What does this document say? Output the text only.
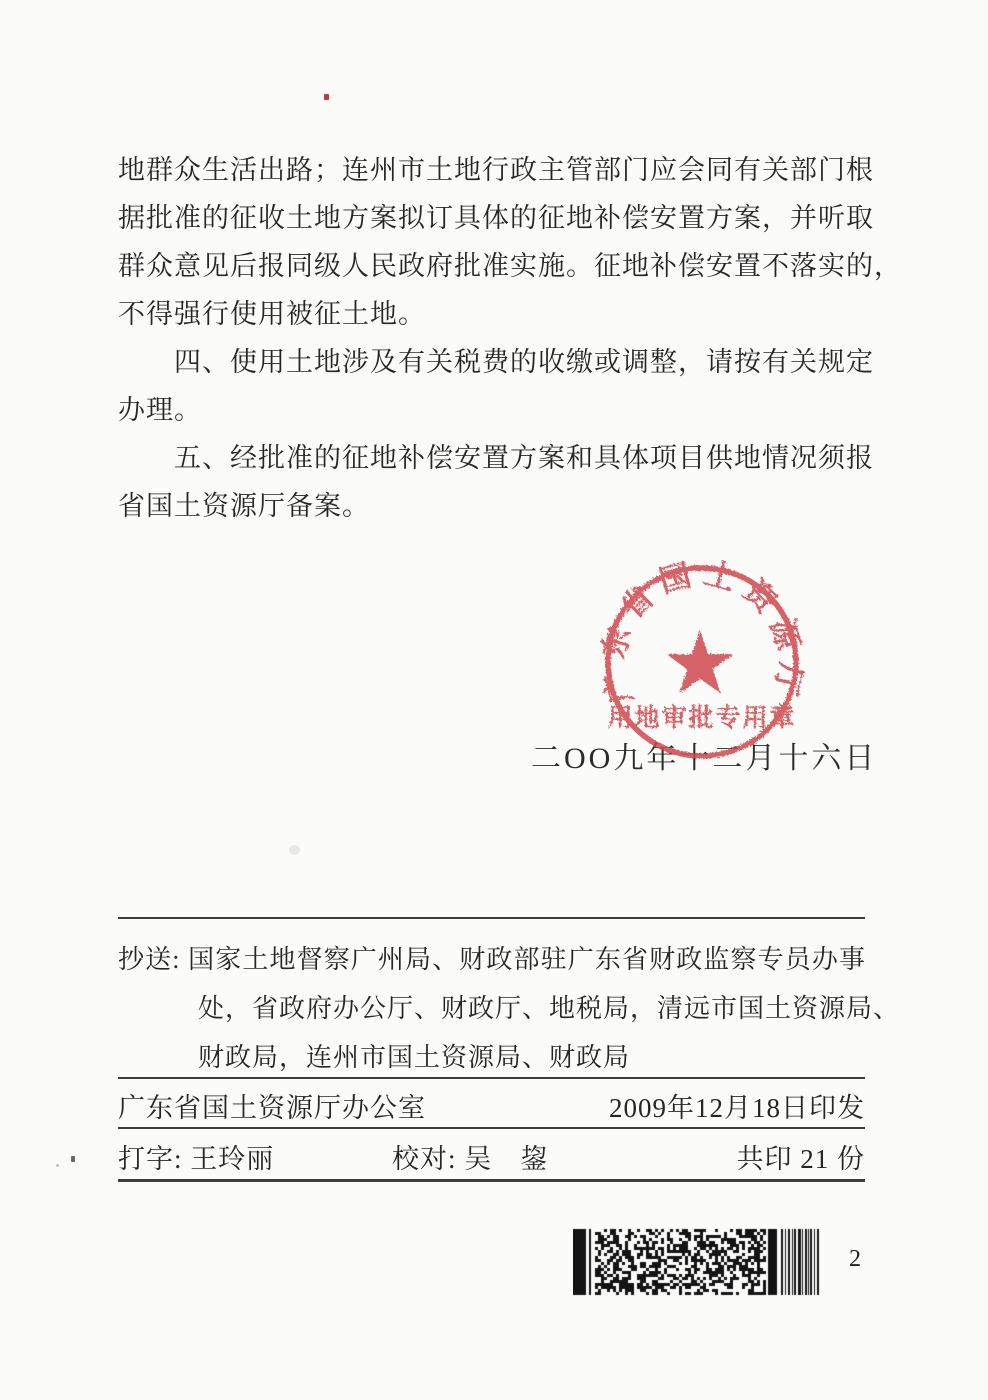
地群众生活出路；连州市土地行政主管部门应会同有关部门根
据批准的征收土地方案拟订具体的征地补偿安置方案，并听取
群众意见后报同级人民政府批准实施。征地补偿安置不落实的，
不得强行使用被征土地。
四、使用土地涉及有关税费的收缴或调整，请按有关规定
办理。
五、经批准的征地补偿安置方案和具体项目供地情况须报
省国土资源厅备案。
二OO九年十二月十六日
广东省国土资源厅
用地审批专用章
抄送: 国家土地督察广州局、财政部驻广东省财政监察专员办事
处，省政府办公厅、财政厅、地税局，清远市国土资源局、
财政局，连州市国土资源局、财政局
广东省国土资源厅办公室	2009年12月18日印发
打字: 王玲丽	校对: 吴　鋆	共印 21 份
2
